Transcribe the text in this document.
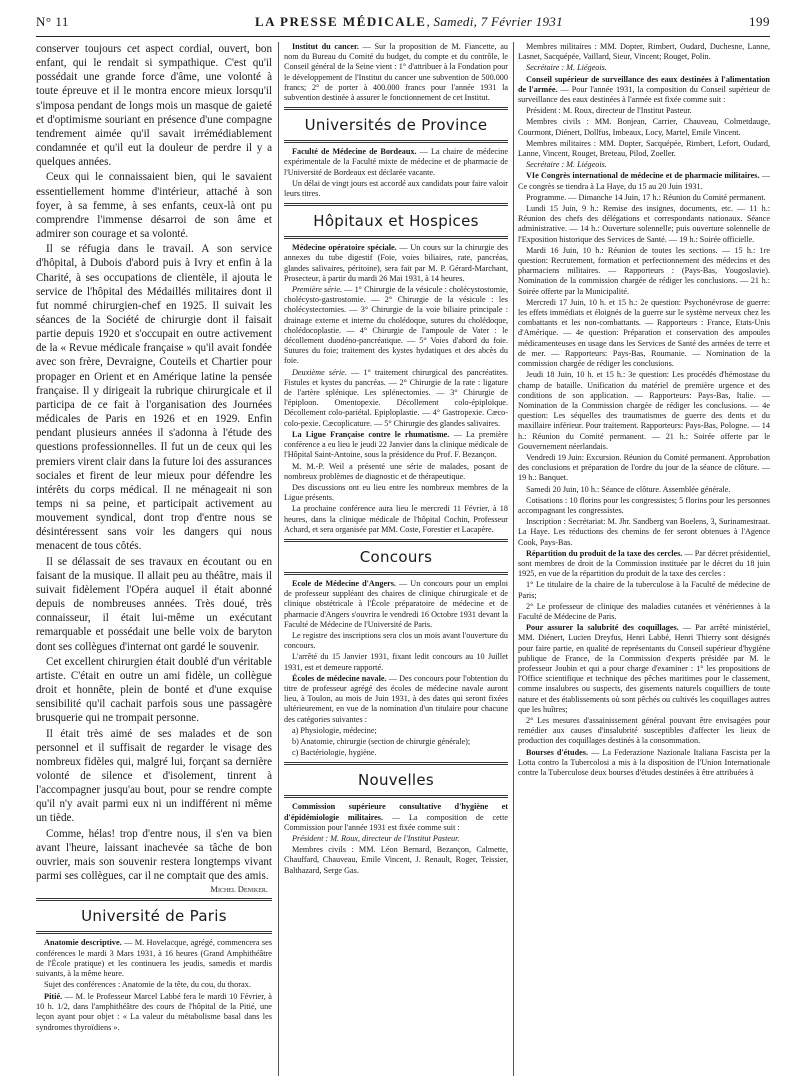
N° 11	LA PRESSE MÉDICALE, Samedi, 7 Février 1931	199

conserver toujours cet aspect cordial, ouvert, bon enfant, qui le rendait si sympathique. C'est qu'il possédait une grande force d'âme, une volonté à toute épreuve et il le montra encore mieux lorsqu'il s'imposa pendant de longs mois un masque de gaieté et d'optimisme souriant en présence d'une compagne tendrement aimée qu'il savait irrémédiablement condamnée et qu'il eut la douleur de perdre il y a quelques années.

Ceux qui le connaissaient bien, qui le savaient essentiellement homme d'intérieur, attaché à son foyer, à sa femme, à ses enfants, ceux-là ont pu comprendre l'immense désarroi de son âme et admirer son courage et sa volonté.

Il se réfugia dans le travail. A son service d'hôpital, à Dubois d'abord puis à Ivry et enfin à la Charité, à ses occupations de clientèle, il ajouta le service de l'hôpital des Médaillés militaires dont il fut nommé chirurgien-chef en 1925. Il suivait les séances de la Société de chirurgie dont il faisait partie depuis 1920 et s'occupait en outre activement de la « Revue médicale française » qu'il avait fondée avec son frère, Devraigne, Couteils et Chartier pour propager en Orient et en Amérique latine la pensée française. Il y dirigeait la rubrique chirurgicale et il participa de ce fait à l'organisation des Journées médicales de Paris en 1926 et en 1929. Enfin pendant plusieurs années il s'adonna à l'étude des questions professionnelles. Il fut un de ceux qui les premiers virent clair dans la future loi des assurances sociales et firent de leur mieux pour défendre les intérêts du corps médical. Il ne ménageait ni son temps ni sa peine, et participait activement au mouvement syndical, dont trop d'entre nous se désintéressent sans voir les dangers qui nous menacent de tous côtés.

Il se délassait de ses travaux en écoutant ou en faisant de la musique. Il allait peu au théâtre, mais il suivait fidèlement l'Opéra auquel il était abonné depuis de nombreuses années. Très doué, très connaisseur, il était lui-même un exécutant remarquable et possédait une belle voix de baryton dont ses collègues d'internat ont gardé le souvenir.

Cet excellent chirurgien était doublé d'un véritable artiste. C'était en outre un ami fidèle, un collègue droit et honnête, plein de bonté et d'une exquise sensibilité qu'il cachait parfois sous une passagère brusquerie qui ne trompait personne.

Il était très aimé de ses malades et de son personnel et il suffisait de regarder le visage des nombreux fidèles qui, malgré lui, forçant sa dernière volonté de silence et d'isolement, tinrent à l'accompagner jusqu'au bout, pour se rendre compte qu'il n'y avait parmi eux ni un indifférent ni même un tiède.

Comme, hélas! trop d'entre nous, il s'en va bien avant l'heure, laissant inachevée sa tâche de bon ouvrier, mais son souvenir restera longtemps vivant parmi ses collègues, car il ne comptait que des amis.

Michel Deniker.
Université de Paris

Anatomie descriptive. — M. Hovelacque, agrégé, commencera ses conférences le mardi 3 Mars 1931, à 16 heures (Grand Amphithéâtre de l'École pratique) et les continuera les jeudis, samedis et mardis suivants, à la même heure.

Sujet des conférences : Anatomie de la tête, du cou, du thorax.

Pitié. — M. le Professeur Marcel Labbé fera le mardi 10 Février, à 10 h. 1/2, dans l'amphithéâtre des cours de l'hôpital de la Pitié, une leçon ayant pour objet : « La valeur du métabolisme basal dans les syndromes thyroïdiens ».

Institut du cancer. — Sur la proposition de M. Fiancette, au nom du Bureau du Comité du budget, du compte et du contrôle, le Conseil général de la Seine vient : 1° d'attribuer à la Fondation pour le développement de l'Institut du cancer une subvention de 500.000 francs; 2° de porter à 400.000 francs pour l'année 1931 la subvention destinée à assurer le fonctionnement de cet Institut.

Universités de Province

Faculté de Médecine de Bordeaux. — La chaire de médecine expérimentale de la Faculté mixte de médecine et de pharmacie de l'Université de Bordeaux est déclarée vacante.

Un délai de vingt jours est accordé aux candidats pour faire valoir leurs titres.

Hôpitaux et Hospices

Médecine opératoire spéciale. — Un cours sur la chirurgie des annexes du tube digestif (Foie, voies biliaires, rate, pancréas, glandes salivaires, péritoine), sera fait par M. P. Gérard-Marchant, Prosecteur, à partir du mardi 26 Mai 1931, à 14 heures.

Première série. — 1° Chirurgie de la vésicule : cholécystostomie, cholécysto-gastrostomie. — 2° Chirurgie de la vésicule : les cholécystectomies. — 3° Chirurgie de la voie biliaire principale : drainage externe et interne du cholédoque, sutures du cholédoque, cholédocoplastie. — 4° Chirurgie de l'ampoule de Vater : le décollement duodéno-pancréatique. — 5° Voies d'abord du foie. Sutures du foie; traitement des kystes hydatiques et des abcès du foie.

Deuxième série. — 1° traitement chirurgical des pancréatites. Fistules et kystes du pancréas. — 2° Chirurgie de la rate : ligature de l'artère splénique. Les splénectomies. — 3° Chirurgie de l'épiploon. Omentopexie. Décollement colo-épiploïque. Décollement colo-pariétal. Epiploplastie. — 4° Gastropexie. Cæco-colo-pexie. Cæcoplicature. — 5° Chirurgie des glandes salivaires.

La Ligue Française contre le rhumatisme. — La première conférence a eu lieu le jeudi 22 Janvier dans la clinique médicale de l'Hôpital Saint-Antoine, sous la présidence du Prof. F. Bezançon.

M. M.-P. Weil a présenté une série de malades, posant de nombreux problèmes de diagnostic et de thérapeutique.

Des discussions ont eu lieu entre les nombreux membres de la Ligue présents.

La prochaine conférence aura lieu le mercredi 11 Février, à 18 heures, dans la clinique médicale de l'hôpital Cochin, Professeur Achard, et sera organisée par MM. Coste, Forestier et Lacapère.

Concours

Ecole de Médecine d'Angers. — Un concours pour un emploi de professeur suppléant des chaires de clinique chirurgicale et de clinique obstétricale à l'École préparatoire de médecine et de pharmacie d'Angers s'ouvrira le vendredi 16 Octobre 1931 devant la Faculté de Médecine de l'Université de Paris.

Le registre des inscriptions sera clos un mois avant l'ouverture du concours.

L'arrêté du 15 Janvier 1931, fixant ledit concours au 10 Juillet 1931, est et demeure rapporté.

Écoles de médecine navale. — Des concours pour l'obtention du titre de professeur agrégé des écoles de médecine navale auront lieu, à Toulon, au mois de Juin 1931, à des dates qui seront fixées ultérieurement, en vue de la nomination d'un titulaire pour chacune des catégories suivantes :

a) Physiologie, médecine;

b) Anatomie, chirurgie (section de chirurgie générale);

c) Bactériologie, hygiène.

Nouvelles

Commission supérieure consultative d'hygiène et d'épidémiologie militaires. — La composition de cette Commission pour l'année 1931 est fixée comme suit :

Président : M. Roux, directeur de l'Institut Pasteur.

Membres civils : MM. Léon Bernard, Bezançon, Calmette, Chauffard, Chauveau, Emile Vincent, J. Renault, Roger, Teissier, Balthazard, Serge Gas.

Membres militaires : MM. Dopter, Rimbert, Oudard, Duchesne, Lanne, Lasnet, Sacquépée, Vaillard, Sieur, Vincent; Rouget, Polin.

Secrétaire : M. Liégeois.

Conseil supérieur de surveillance des eaux destinées à l'alimentation de l'armée. — Pour l'année 1931, la composition du Conseil supérieur de surveillance des eaux destinées à l'armée est fixée comme suit :

Président : M. Roux, directeur de l'Institut Pasteur.

Membres civils : MM. Bonjean, Carrier, Chauveau, Colmetdauge, Courmont, Diénert, Dollfus, Imbeaux, Locy, Martel, Emile Vincent.

Membres militaires : MM. Dopter, Sacquépée, Rimbert, Lefort, Oudard, Lanne, Vincent, Rouget, Breteau, Pilod, Zoeller.

Secrétaire : M. Liégeois.

VIe Congrès international de médecine et de pharmacie militaires. — Ce congrès se tiendra à La Haye, du 15 au 20 Juin 1931.

Programme. — Dimanche 14 Juin, 17 h.: Réunion du Comité permanent.

Lundi 15 Juin, 9 h.: Remise des insignes, documents, etc. — 11 h.: Réunion des chefs des délégations et correspondants nationaux. Séance administrative. — 14 h.: Ouverture solennelle; puis ouverture solennelle de l'Exposition historique des Services de Santé. — 19 h.: Soirée officielle.

Mardi 16 Juin, 10 h.: Réunion de toutes les sections. — 15 h.: 1re question: Recrutement, formation et perfectionnement des médecins et des pharmaciens militaires. — Rapporteurs : (Pays-Bas, Yougoslavie). Nomination de la commission chargée de rédiger les conclusions. — 21 h.: Soirée offerte par la Municipalité.

Mercredi 17 Juin, 10 h. et 15 h.: 2e question: Psychonévrose de guerre: les effets immédiats et éloignés de la guerre sur le système nerveux chez les combattants et les non-combattants. — Rapporteurs : France, Etats-Unis d'Amérique. — 4e question: Préparation et conservation des ampoules médicamenteuses en usage dans les Services de Santé des armées de terre et de mer. — Rapporteurs: Pays-Bas, Roumanie. — Nomination de la commission chargée de rédiger les conclusions.

Jeudi 18 Juin, 10 h. et 15 h.: 3e question: Les procédés d'hémostase du champ de bataille. Unification du matériel de première urgence et des conditions de son application. — Rapporteurs: Pays-Bas, Italie. — Nomination de la Commission chargée de rédiger les conclusions. — 4e question: Les séquelles des traumatismes de guerre des dents et du maxillaire inférieur. Pour traitement. Rapporteurs: Pays-Bas, Pologne. — 14 h.: Réunion du Comité permanent. — 21 h.: Soirée offerte par le Gouvernement néerlandais.

Vendredi 19 Juin: Excursion. Réunion du Comité permanent. Approbation des conclusions et préparation de l'ordre du jour de la séance de clôture. — 19 h.: Banquet.

Samedi 20 Juin, 10 h.: Séance de clôture. Assemblée générale.

Cotisations : 10 florins pour les congressistes; 5 florins pour les personnes accompagnant les congressistes.

Inscription : Secrétariat: M. Jhr. Sandberg van Boelens, 3, Surinamestraat. La Haye. Les réductions des chemins de fer seront obtenues à l'Agence Cook, Pays-Bas.

Répartition du produit de la taxe des cercles. — Par décret présidentiel, sont membres de droit de la Commission instituée par le décret du 18 juin 1925, en vue de la répartition du produit de la taxe des cercles :

1° Le titulaire de la chaire de la tuberculose à la Faculté de médecine de Paris;

2° Le professeur de clinique des maladies cutanées et vénériennes à la Faculté de Médecine de Paris.

Pour assurer la salubrité des coquillages. — Par arrêté ministériel, MM. Diénert, Lucien Dreyfus, Henri Labbé, Henri Thierry sont désignés pour faire partie, en qualité de représentants du Conseil supérieur d'hygiène publique de France, de la Commission d'experts présidée par M. le professeur Joubin et qui a pour charge d'examiner : 1° les propositions de l'Office scientifique et technique des pêches maritimes pour le classement, comme insalubres ou suspects, des gisements naturels coquilliers de toute nature et des établissements où sont pêchés ou cultivés les coquillages autres que les huîtres;

2° Les mesures d'assainissement général pouvant être envisagées pour remédier aux causes d'insalubrité susceptibles d'affecter les lieux de production des coquillages destinés à la consommation.

Bourses d'études. — La Federazione Nazionale Italiana Fascista per la Lotta contro la Tubercolosi a mis à la disposition de l'Union Internationale contre la Tuberculose deux bourses d'études destinées à être attribuées à
